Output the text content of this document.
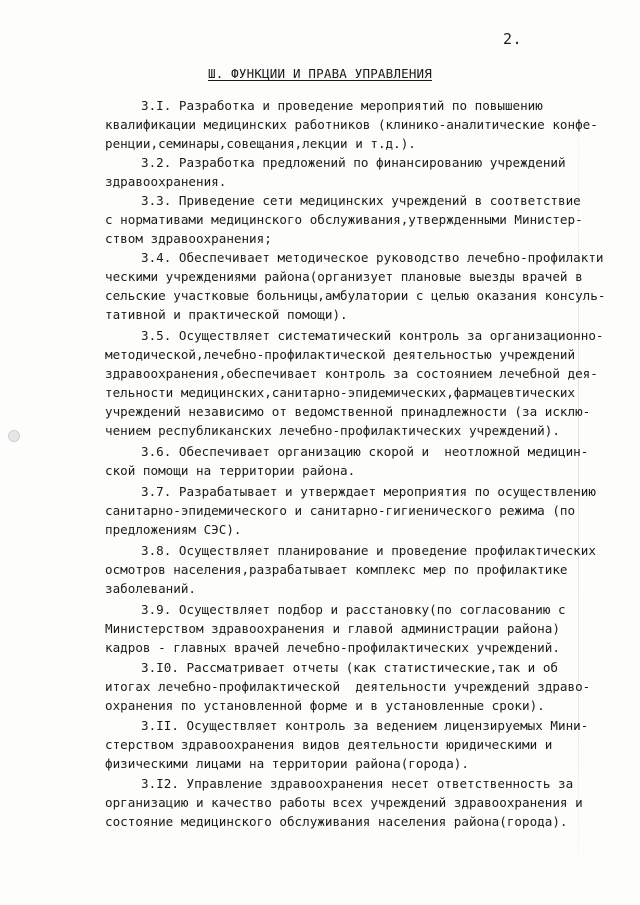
2.
Ш. ФУНКЦИИ И ПРАВА УПРАВЛЕНИЯ
3.I. Разработка и проведение мероприятий по повышению
квалификации медицинских работников (клинико-аналитические конфе-
ренции,семинары,совещания,лекции и т.д.).
3.2. Разработка предложений по финансированию учреждений
здравоохранения.
3.3. Приведение сети медицинских учреждений в соответствие
с нормативами медицинского обслуживания,утвержденными Министер-
ством здравоохранения;
3.4. Обеспечивает методическое руководство лечебно-профилакти
ческими учреждениями района(организует плановые выезды врачей в
сельские участковые больницы,амбулатории с целью оказания консуль-
тативной и практической помощи).
3.5. Осуществляет систематический контроль за организационно-
методической,лечебно-профилактической деятельностью учреждений
здравоохранения,обеспечивает контроль за состоянием лечебной дея-
тельности медицинских,санитарно-эпидемических,фармацевтических
учреждений независимо от ведомственной принадлежности (за исклю-
чением республиканских лечебно-профилактических учреждений).
3.6. Обеспечивает организацию скорой и  неотложной медицин-
ской помощи на территории района.
3.7. Разрабатывает и утверждает мероприятия по осуществлению
санитарно-эпидемического и санитарно-гигиенического режима (по
предложениям СЭС).
3.8. Осуществляет планирование и проведение профилактических
осмотров населения,разрабатывает комплекс мер по профилактике
заболеваний.
3.9. Осуществляет подбор и расстановку(по согласованию с
Министерством здравоохранения и главой администрации района)
кадров - главных врачей лечебно-профилактических учреждений.
3.I0. Рассматривает отчеты (как статистические,так и об
итогах лечебно-профилактической  деятельности учреждений здраво-
охранения по установленной форме и в установленные сроки).
3.II. Осуществляет контроль за ведением лицензируемых Мини-
стерством здравоохранения видов деятельности юридическими и
физическими лицами на территории района(города).
3.I2. Управление здравоохранения несет ответственность за
организацию и качество работы всех учреждений здравоохранения и
состояние медицинского обслуживания населения района(города).
